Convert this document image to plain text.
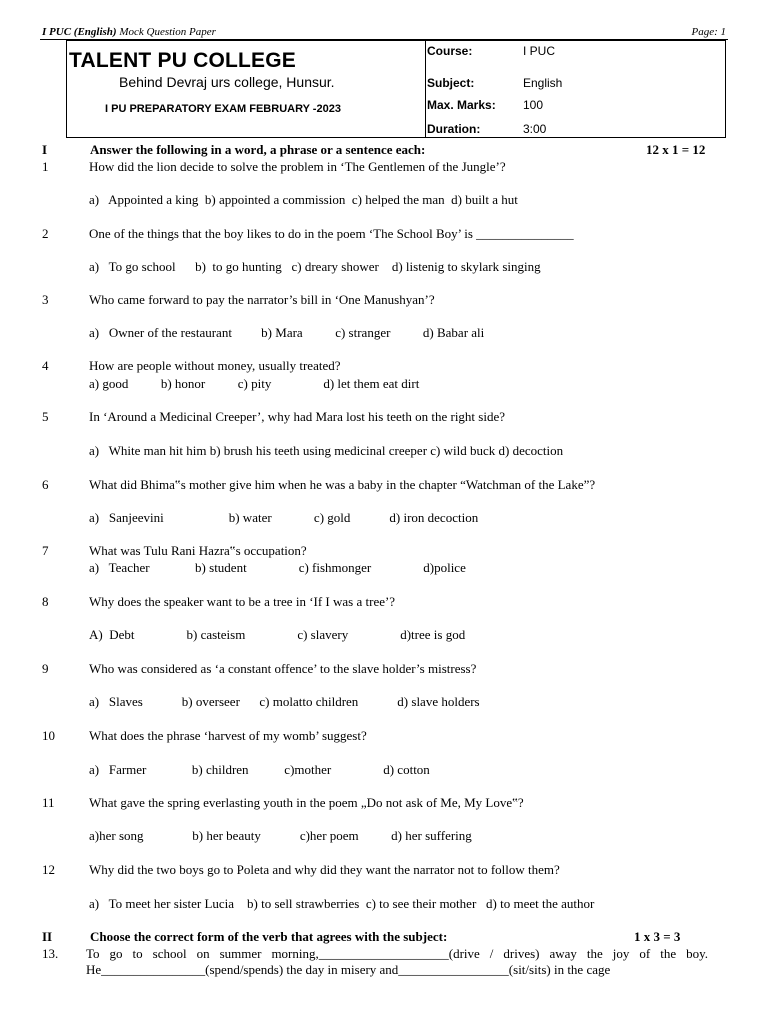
I PUC (English) Mock Question Paper	Page: 1
TALENT PU COLLEGE
Behind Devraj urs college, Hunsur.
I PU PREPARATORY EXAM FEBRUARY -2023
Course:	I PUC
Subject:	English
Max. Marks: 100
Duration:	3:00
I	Answer the following in a word, a phrase or a sentence each:	12 x 1 = 12
1	How did the lion decide to solve the problem in ‘The Gentlemen of the Jungle’?
a)   Appointed a king  b) appointed a commission  c) helped the man  d) built a hut
2	One of the things that the boy likes to do in the poem ‘The School Boy’ is _______________
a)   To go school      b)  to go hunting   c) dreary shower    d) listenig to skylark singing
3	Who came forward to pay the narrator’s bill in ‘One Manushyan’?
a)   Owner of the restaurant         b) Mara          c) stranger          d) Babar ali
4	How are people without money, usually treated?
a) good          b) honor          c) pity                d) let them eat dirt
5	In ‘Around a Medicinal Creeper’, why had Mara lost his teeth on the right side?
a)   White man hit him b) brush his teeth using medicinal creeper c) wild buck d) decoction
6	What did Bhima‟s mother give him when he was a baby in the chapter “Watchman of the Lake”?
a)   Sanjeevini                    b) water             c) gold            d) iron decoction
7	What was Tulu Rani Hazra‟s occupation?
a)   Teacher              b) student                c) fishmonger                d)police
8	Why does the speaker want to be a tree in ‘If I was a tree’?
A)  Debt                b) casteism                c) slavery                d)tree is god
9	Who was considered as ‘a constant offence’ to the slave holder’s mistress?
a)   Slaves            b) overseer      c) molatto children            d) slave holders
10	What does the phrase ‘harvest of my womb’ suggest?
a)   Farmer              b) children           c)mother                d) cotton
11	What gave the spring everlasting youth in the poem „Do not ask of Me, My Love‟?
a)her song               b) her beauty            c)her poem          d) her suffering
12	Why did the two boys go to Poleta and why did they want the narrator not to follow them?
a)   To meet her sister Lucia    b) to sell strawberries  c) to see their mother   d) to meet the author
II	Choose the correct form of the verb that agrees with the subject:	1 x 3 = 3
13. To go to school on summer morning,____________________(drive / drives) away the joy of the boy. He________________(spend/spends) the day in misery and_________________(sit/sits) in the cage
